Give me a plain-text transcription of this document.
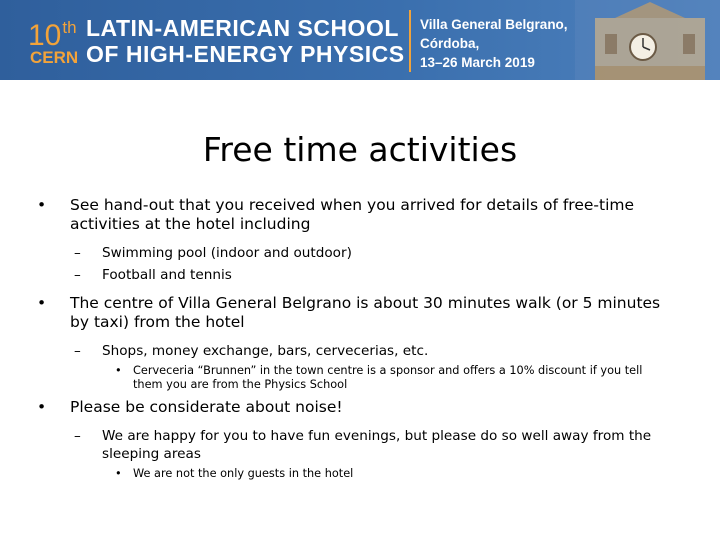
10th
CERN
LATIN-AMERICAN SCHOOL
OF HIGH-ENERGY PHYSICS
Villa General Belgrano,
Córdoba,
13–26 March 2019
Free time activities
• See hand-out that you received when you arrived for details of free-time activities at the hotel including
– Swimming pool (indoor and outdoor)
– Football and tennis
• The centre of Villa General Belgrano is about 30 minutes walk (or 5 minutes by taxi) from the hotel
– Shops, money exchange, bars, cervecerias, etc.
• Cerveceria “Brunnen” in the town centre is a sponsor and offers a 10% discount if you tell them you are from the Physics School
• Please be considerate about noise!
– We are happy for you to have fun evenings, but please do so well away from the sleeping areas
• We are not the only guests in the hotel
